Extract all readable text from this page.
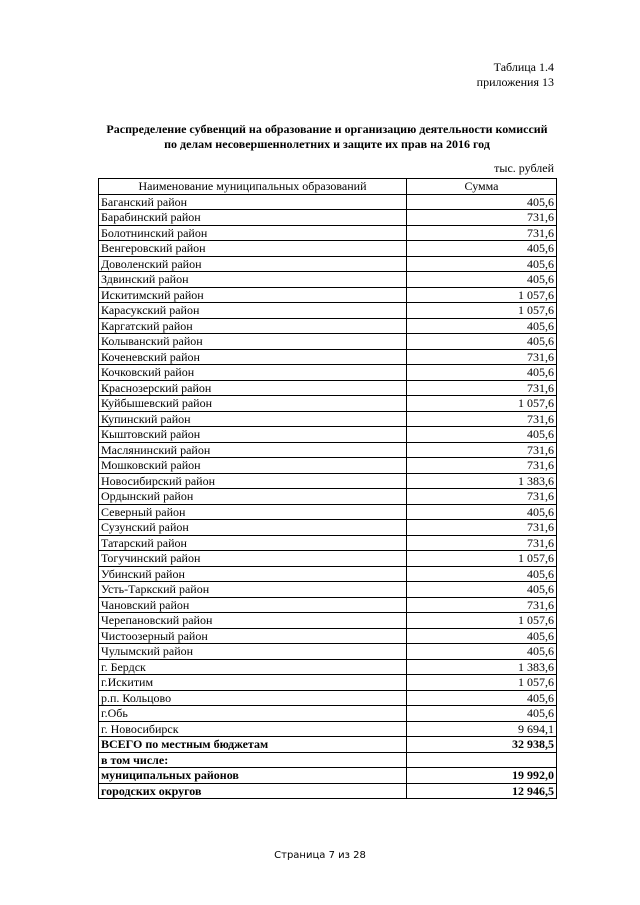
Таблица 1.4
приложения 13
Распределение субвенций на образование и организацию деятельности комиссий
по делам несовершеннолетних и защите их прав на 2016 год
тыс. рублей
Наименование муниципальных образований	Сумма
Баганский район	405,6
Барабинский район	731,6
Болотнинский район	731,6
Венгеровский район	405,6
Доволенский район	405,6
Здвинский район	405,6
Искитимский район	1 057,6
Карасукский район	1 057,6
Каргатский район	405,6
Колыванский район	405,6
Коченевский район	731,6
Кочковский район	405,6
Краснозерский район	731,6
Куйбышевский район	1 057,6
Купинский район	731,6
Кыштовский район	405,6
Маслянинский район	731,6
Мошковский район	731,6
Новосибирский район	1 383,6
Ордынский район	731,6
Северный район	405,6
Сузунский район	731,6
Татарский район	731,6
Тогучинский район	1 057,6
Убинский район	405,6
Усть-Таркский район	405,6
Чановский район	731,6
Черепановский район	1 057,6
Чистоозерный район	405,6
Чулымский район	405,6
г. Бердск	1 383,6
г.Искитим	1 057,6
р.п. Кольцово	405,6
г.Обь	405,6
г. Новосибирск	9 694,1
ВСЕГО по местным бюджетам	32 938,5
в том числе:	
муниципальных районов	19 992,0
городских округов	12 946,5
Страница 7 из 28
